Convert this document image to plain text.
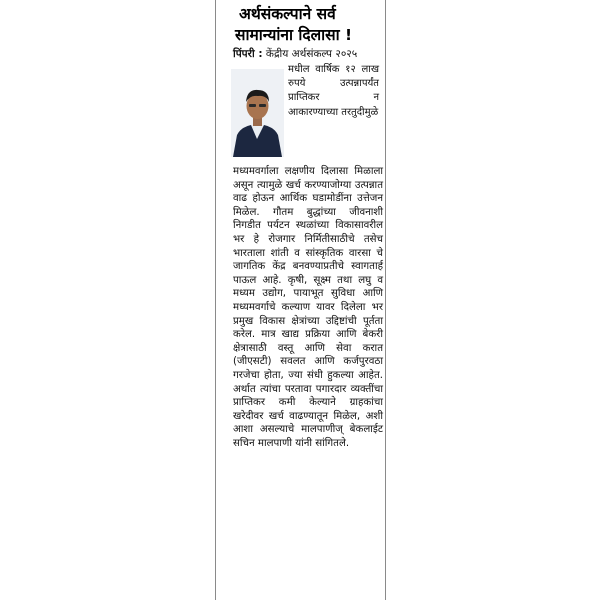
अर्थसंकल्पाने सर्व
सामान्यांना दिलासा !
पिंपरी : केंद्रीय अर्थसंकल्प २०२५
मधील वार्षिक १२ लाख रुपये उत्पन्नापर्यंत प्राप्तिकर न आकारण्याच्या तरतुदीमुळे
मध्यमवर्गाला लक्षणीय दिलासा मिळाला असून त्यामुळे खर्च करण्याजोग्या उत्पन्नात वाढ होऊन आर्थिक घडामोडींना उत्तेजन मिळेल. गौतम बुद्धांच्या जीवनाशी निगडीत पर्यटन स्थळांच्या विकासावरील भर हे रोजगार निर्मितीसाठीचे तसेच भारताला शांती व सांस्कृतिक वारसा चे जागतिक केंद्र बनवण्याप्रतीचे स्वागतार्ह पाऊल आहे. कृषी, सूक्ष्म तथा लघु व मध्यम उद्योग, पायाभूत सुविधा आणि मध्यमवर्गाचे कल्याण यावर दिलेला भर प्रमुख विकास क्षेत्रांच्या उद्दिष्टांची पूर्तता करेल. मात्र खाद्य प्रक्रिया आणि बेकरी क्षेत्रासाठी वस्तू आणि सेवा करात (जीएसटी) सवलत आणि कर्जपुरवठा गरजेचा होता, ज्या संधी हुकल्या आहेत. अर्थात त्यांचा परतावा पगारदार व्यक्तींचा प्राप्तिकर कमी केल्याने ग्राहकांचा खरेदीवर खर्च वाढण्यातून मिळेल, अशी आशा असल्याचे मालपाणीज् बेकलाईट सचिन मालपाणी यांनी सांगितले.
